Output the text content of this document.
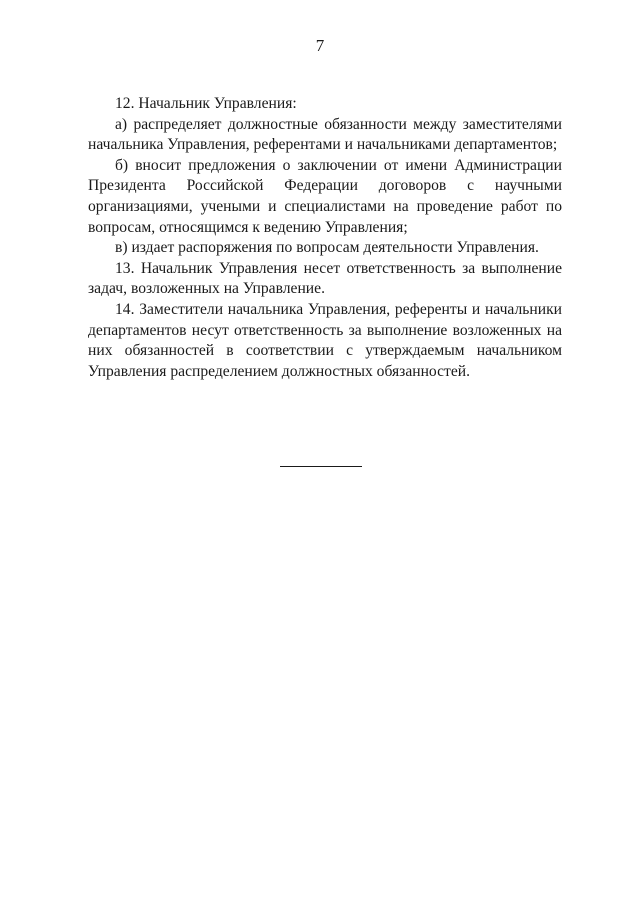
7

12. Начальник Управления:

а) распределяет должностные обязанности между заместителями начальника Управления, референтами и начальниками департаментов;

б) вносит предложения о заключении от имени Администрации Президента Российской Федерации договоров с научными организациями, учеными и специалистами на проведение работ по вопросам, относящимся к ведению Управления;

в) издает распоряжения по вопросам деятельности Управления.

13. Начальник Управления несет ответственность за выполнение задач, возложенных на Управление.

14. Заместители начальника Управления, референты и начальники департаментов несут ответственность за выполнение возложенных на них обязанностей в соответствии с утверждаемым начальником Управления распределением должностных обязанностей.
